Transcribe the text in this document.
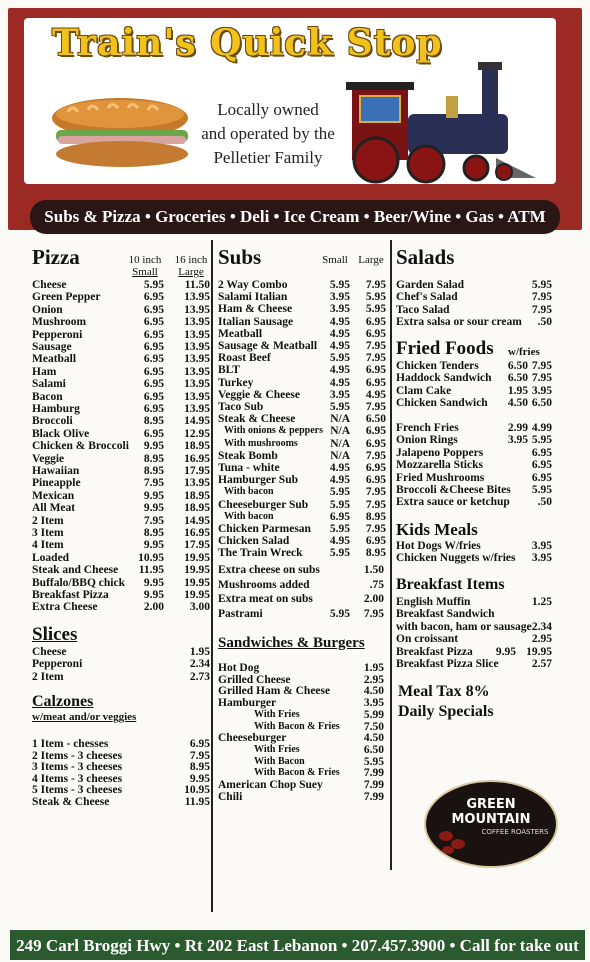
Train's Quick Stop
Locally owned
and operated by the
Pelletier Family
Subs & Pizza • Groceries • Deli • Ice Cream • Beer/Wine • Gas • ATM
Pizza	10 inch
Small
16 inch
Large
Cheese	5.95 11.50
Green Pepper	6.95 13.95
Onion	6.95 13.95
Mushroom	6.95 13.95
Pepperoni	6.95 13.95
Sausage	6.95 13.95
Meatball	6.95 13.95
Ham	6.95 13.95
Salami	6.95 13.95
Bacon	6.95 13.95
Hamburg	6.95 13.95
Broccoli	8.95 14.95
Black Olive	6.95 12.95
Chicken & Broccoli 9.95 18.95
Veggie	8.95 16.95
Hawaiian	8.95 17.95
Pineapple	7.95 13.95
Mexican	9.95 18.95
All Meat	9.95 18.95
2 Item	7.95 14.95
3 Item	8.95 16.95
4 Item	9.95 17.95
Loaded	10.95 19.95
Steak and Cheese 11.95 19.95
Buffalo/BBQ chick 9.95 19.95
Breakfast Pizza	9.95 19.95
Extra Cheese	2.00 3.00
Slices
Cheese	1.95
Pepperoni	2.34
2 Item	2.73
Calzones
w/meat and/or veggies
1 Item - chesses	6.95
2 Items - 3 cheeses	7.95
3 Items - 3 cheeses	8.95
4 Items - 3 cheeses	9.95
5 Items - 3 cheeses	10.95
Steak & Cheese	11.95
Subs	Small Large
2 Way Combo	5.95 7.95
Salami Italian	3.95 5.95
Ham & Cheese	3.95 5.95
Italian Sausage	4.95 6.95
Meatball	4.95 6.95
Sausage & Meatball 4.95 7.95
Roast Beef	5.95 7.95
BLT	4.95 6.95
Turkey	4.95 6.95
Veggie & Cheese	3.95 4.95
Taco Sub	5.95 7.95
Steak & Cheese	N/A 6.50
With onions & peppers N/A 6.95
With mushrooms	N/A 6.95
Steak Bomb	N/A 7.95
Tuna - white	4.95 6.95
Hamburger Sub	4.95 6.95
With bacon	5.95 7.95
Cheeseburger Sub 5.95 7.95
With bacon	6.95 8.95
Chicken Parmesan 5.95 7.95
Chicken Salad	4.95 6.95
The Train Wreck 5.95 8.95
Extra cheese on subs	1.50
Mushrooms added	.75
Extra meat on subs	2.00
Pastrami	5.95 7.95
Sandwiches & Burgers
Hot Dog	1.95
Grilled Cheese	2.95
Grilled Ham & Cheese	4.50
Hamburger	3.95
With Fries	5.99
With Bacon & Fries 7.50
Cheeseburger	4.50
With Fries	6.50
With Bacon	5.95
With Bacon & Fries 7.99
American Chop Suey	7.99
Chili	7.99
Salads
Garden Salad	5.95
Chef's Salad	7.95
Taco Salad	7.95
Extra salsa or sour cream .50
Fried Foods w/fries
Chicken Tenders	6.50 7.95
Haddock Sandwich 6.50 7.95
Clam Cake	1.95 3.95
Chicken Sandwich 4.50 6.50
French Fries	2.99 4.99
Onion Rings	3.95 5.95
Jalapeno Poppers	6.95
Mozzarella Sticks	6.95
Fried Mushrooms	6.95
Broccoli &Cheese Bites 5.95
Extra sauce or ketchup .50
Kids Meals
Hot Dogs W/fries	3.95
Chicken Nuggets w/fries 3.95
Breakfast Items
English Muffin	1.25
Breakfast Sandwich
with bacon, ham or sausage 2.34
On croissant	2.95
Breakfast Pizza 9.95 19.95
Breakfast Pizza Slice	2.57
Meal Tax 8%
Daily Specials
GREEN
MOUNTAIN
COFFEE ROASTERS
249 Carl Broggi Hwy • Rt 202 East Lebanon • 207.457.3900 • Call for take out
